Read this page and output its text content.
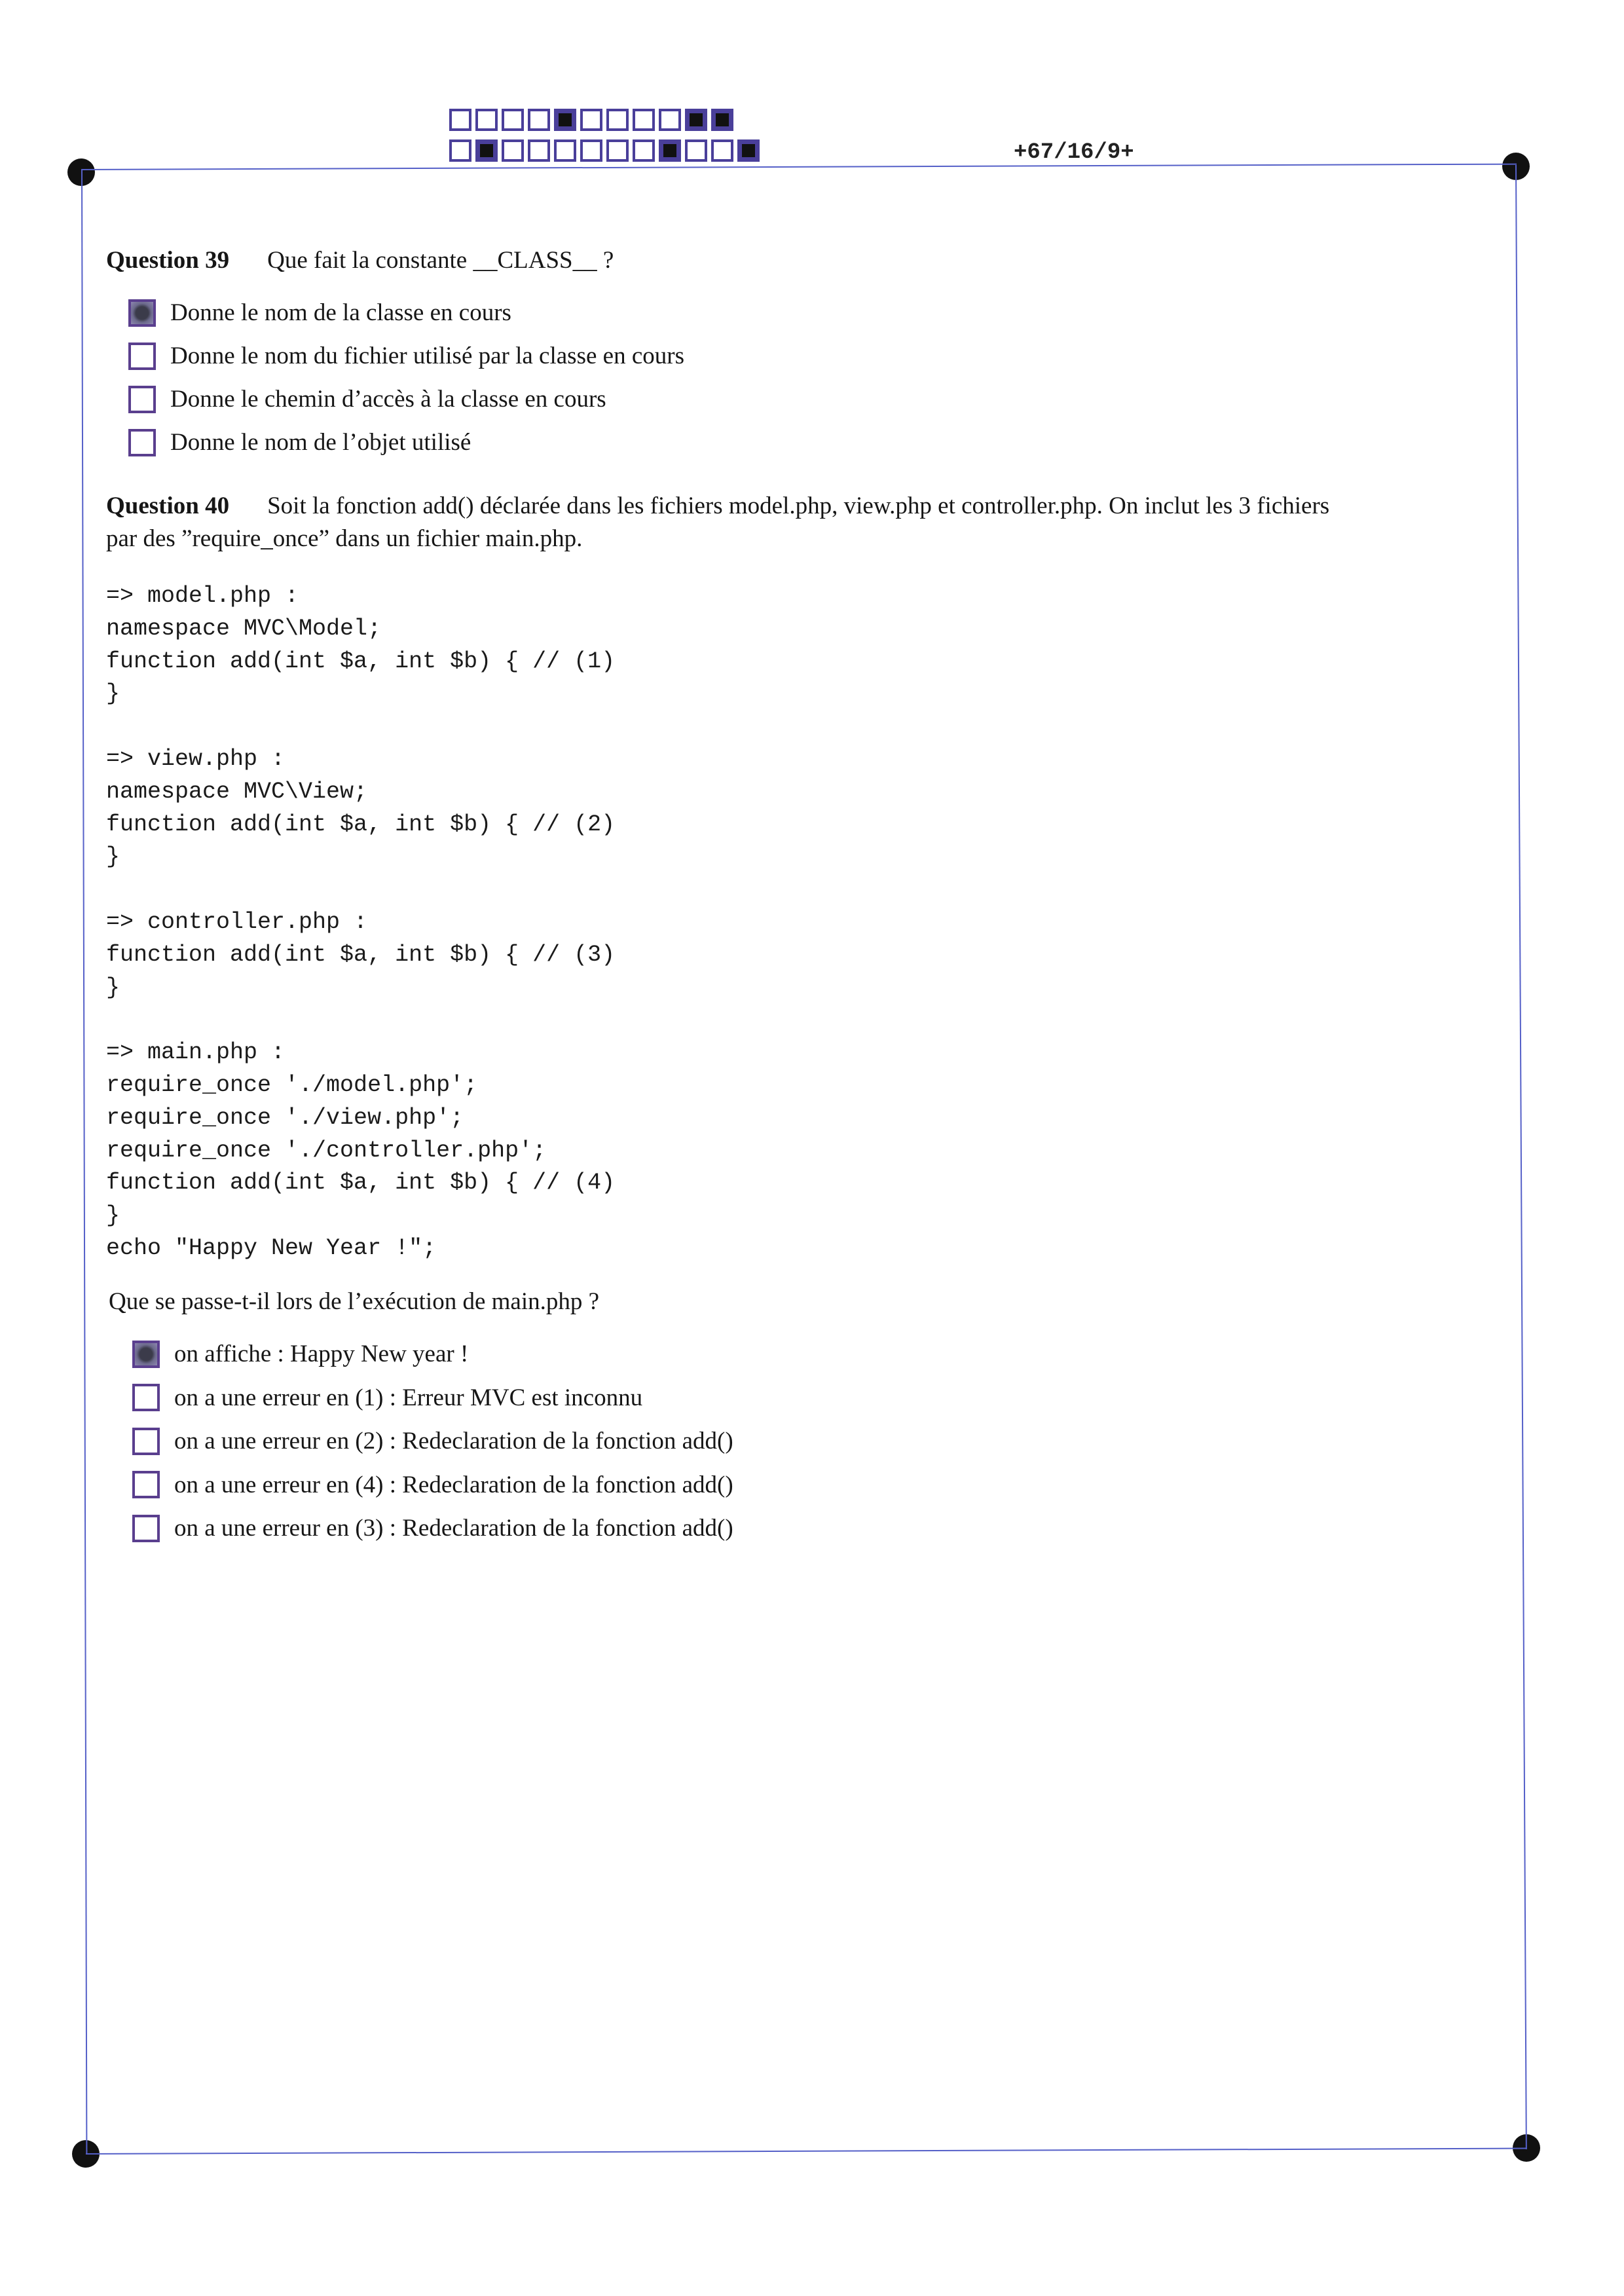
+67/16/9+
Question 39 Que fait la constante __CLASS__ ?
Donne le nom de la classe en cours
Donne le nom du fichier utilisé par la classe en cours
Donne le chemin d’accès à la classe en cours
Donne le nom de l’objet utilisé
Question 40 Soit la fonction add() déclarée dans les fichiers model.php, view.php et controller.php. On inclut les 3 fichiers
par des ”require_once” dans un fichier main.php.
=> model.php :
namespace MVC\Model;
function add(int $a, int $b) { // (1)
}
=> view.php :
namespace MVC\View;
function add(int $a, int $b) { // (2)
}
=> controller.php :
function add(int $a, int $b) { // (3)
}
=> main.php :
require_once './model.php';
require_once './view.php';
require_once './controller.php';
function add(int $a, int $b) { // (4)
}
echo "Happy New Year !";
Que se passe-t-il lors de l’exécution de main.php ?
on affiche : Happy New year !
on a une erreur en (1) : Erreur MVC est inconnu
on a une erreur en (2) : Redeclaration de la fonction add()
on a une erreur en (4) : Redeclaration de la fonction add()
on a une erreur en (3) : Redeclaration de la fonction add()
